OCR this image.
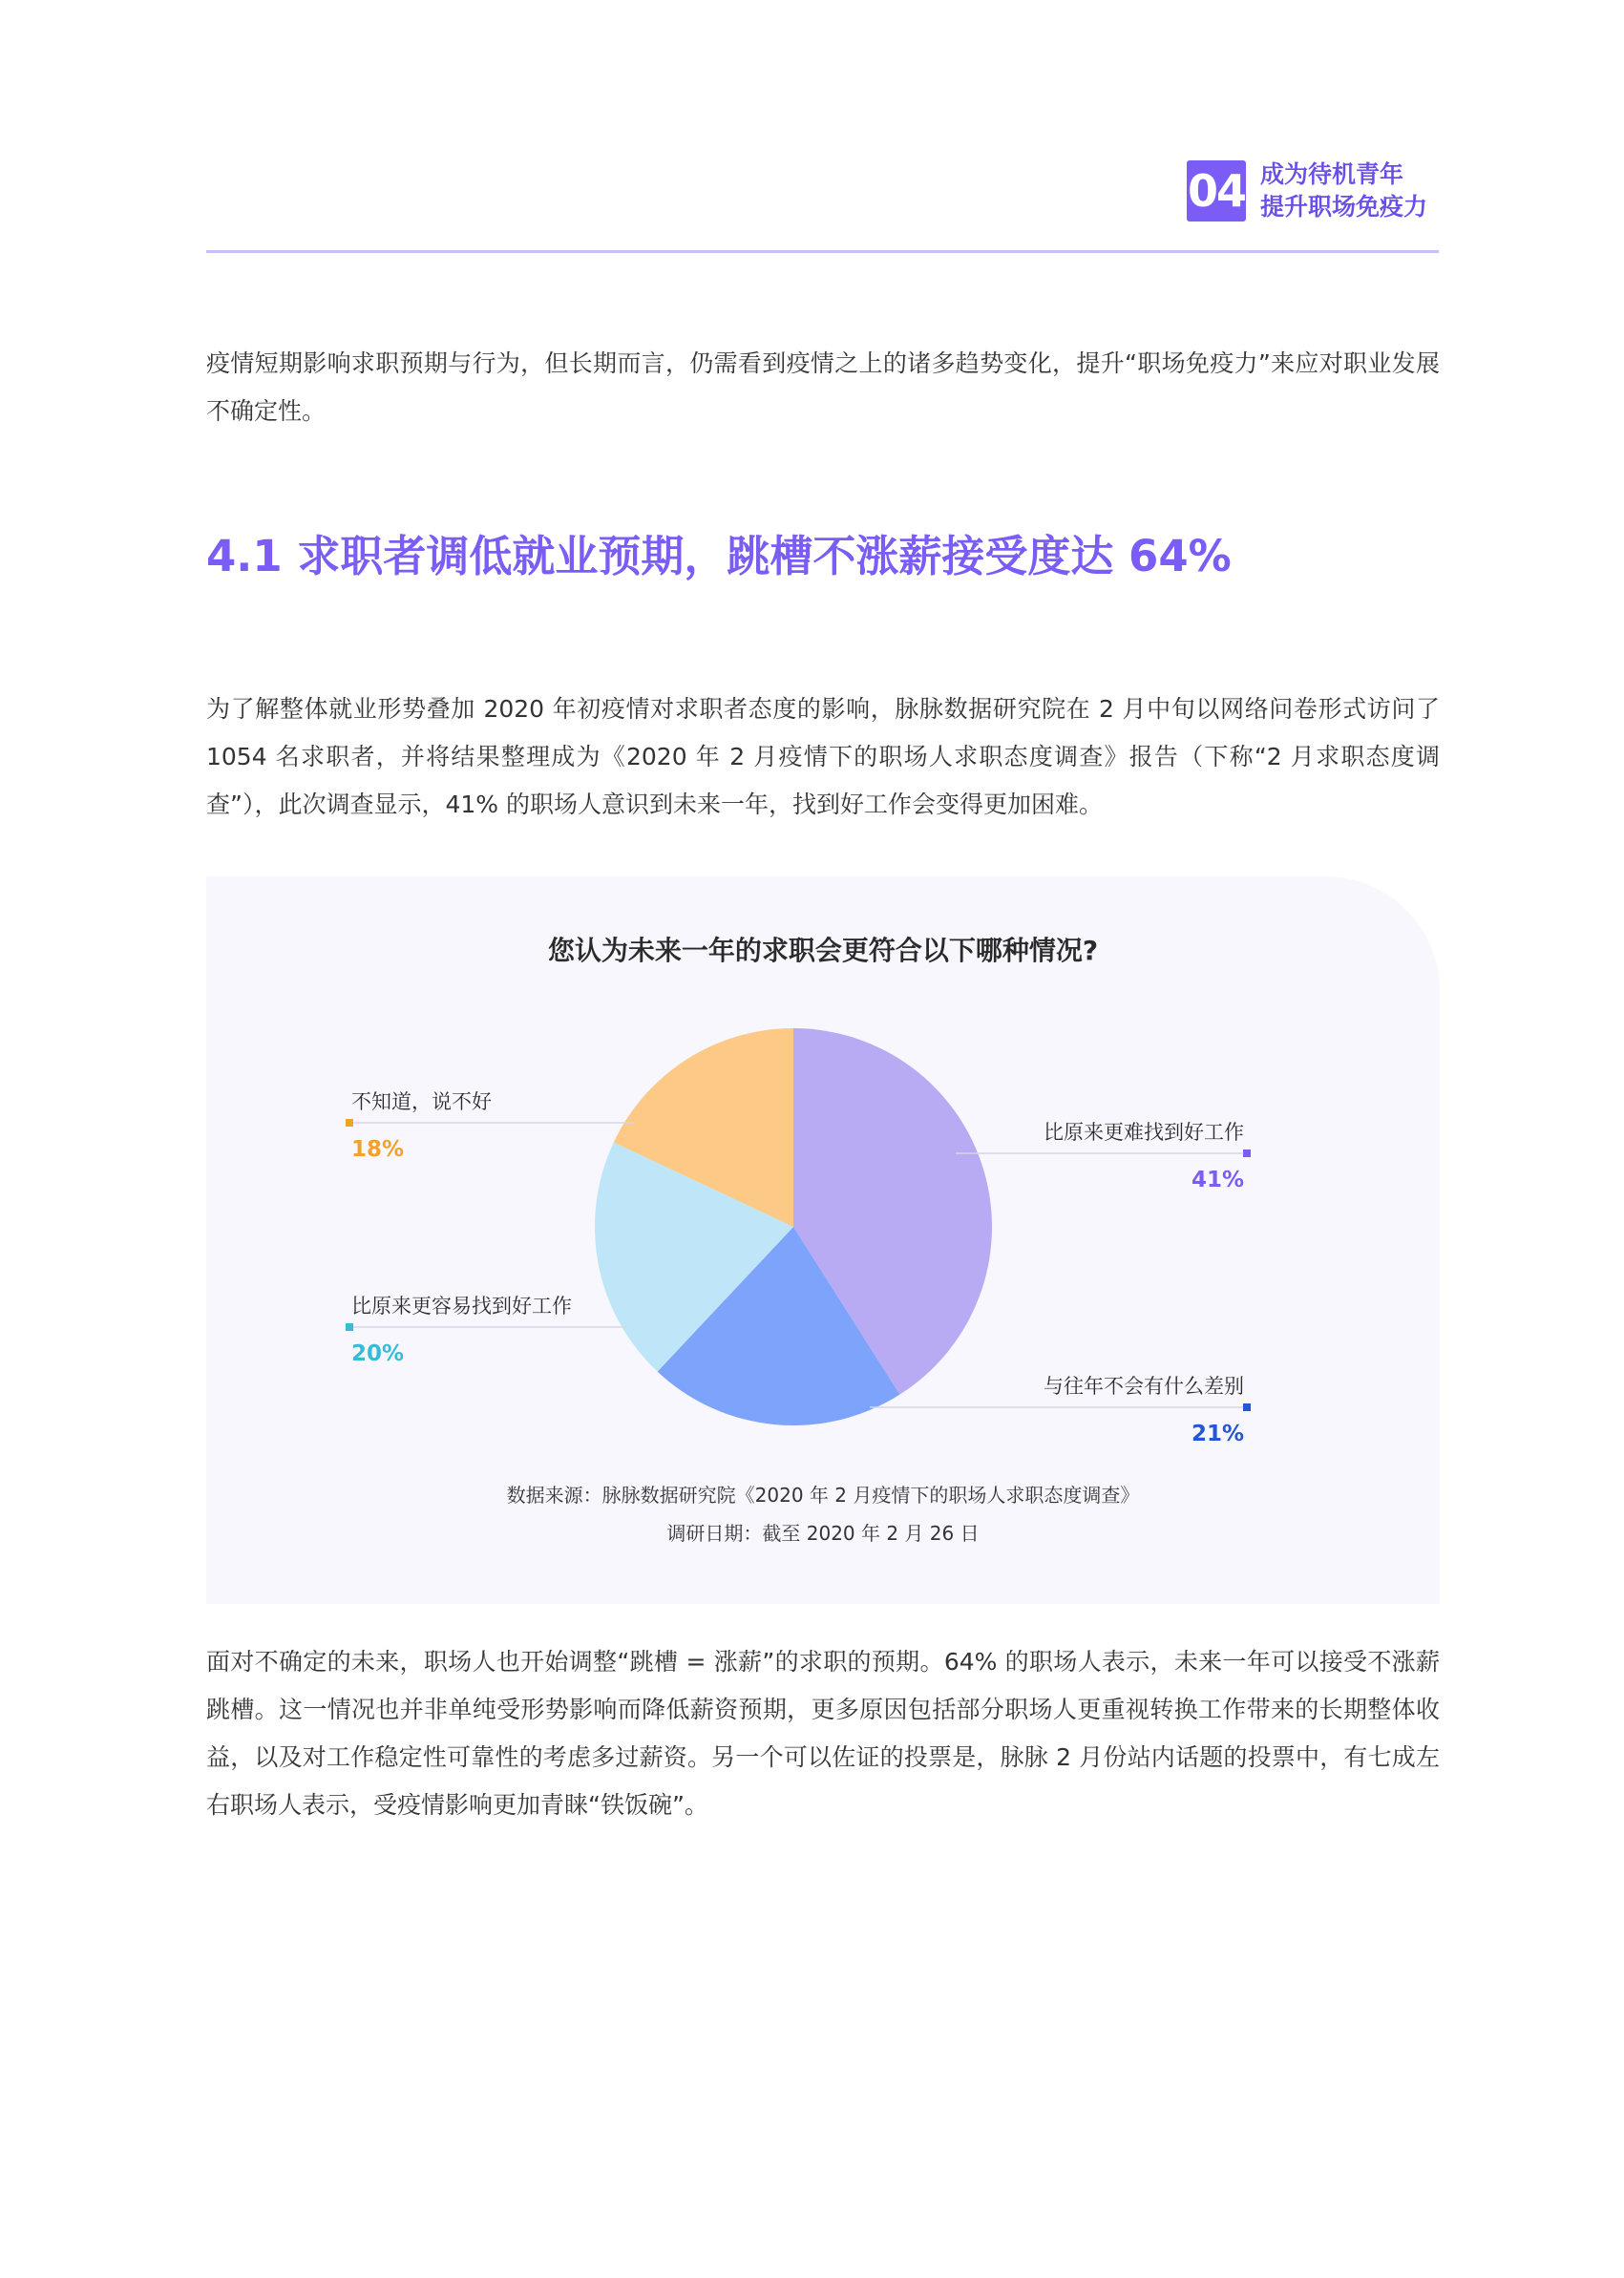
04 成为待机青年
提升职场免疫力

疫情短期影响求职预期与行为，但长期而言，仍需看到疫情之上的诸多趋势变化，提升“职场免疫力”来应对职业发展不确定性。

4.1 求职者调低就业预期，跳槽不涨薪接受度达 64%

为了解整体就业形势叠加 2020 年初疫情对求职者态度的影响，脉脉数据研究院在 2 月中旬以网络问卷形式访问了 1054 名求职者，并将结果整理成为《2020 年 2 月疫情下的职场人求职态度调查》报告（下称“2 月求职态度调查”），此次调查显示，41% 的职场人意识到未来一年，找到好工作会变得更加困难。

您认为未来一年的求职会更符合以下哪种情况?
比原来更难找到好工作
41%
与往年不会有什么差别
21%
比原来更容易找到好工作
20%
不知道，说不好
18%
数据来源：脉脉数据研究院《2020 年 2 月疫情下的职场人求职态度调查》
调研日期：截至 2020 年 2 月 26 日

面对不确定的未来，职场人也开始调整“跳槽 = 涨薪”的求职的预期。64% 的职场人表示，未来一年可以接受不涨薪跳槽。这一情况也并非单纯受形势影响而降低薪资预期，更多原因包括部分职场人更重视转换工作带来的长期整体收益，以及对工作稳定性可靠性的考虑多过薪资。另一个可以佐证的投票是，脉脉 2 月份站内话题的投票中，有七成左右职场人表示，受疫情影响更加青睐“铁饭碗”。
